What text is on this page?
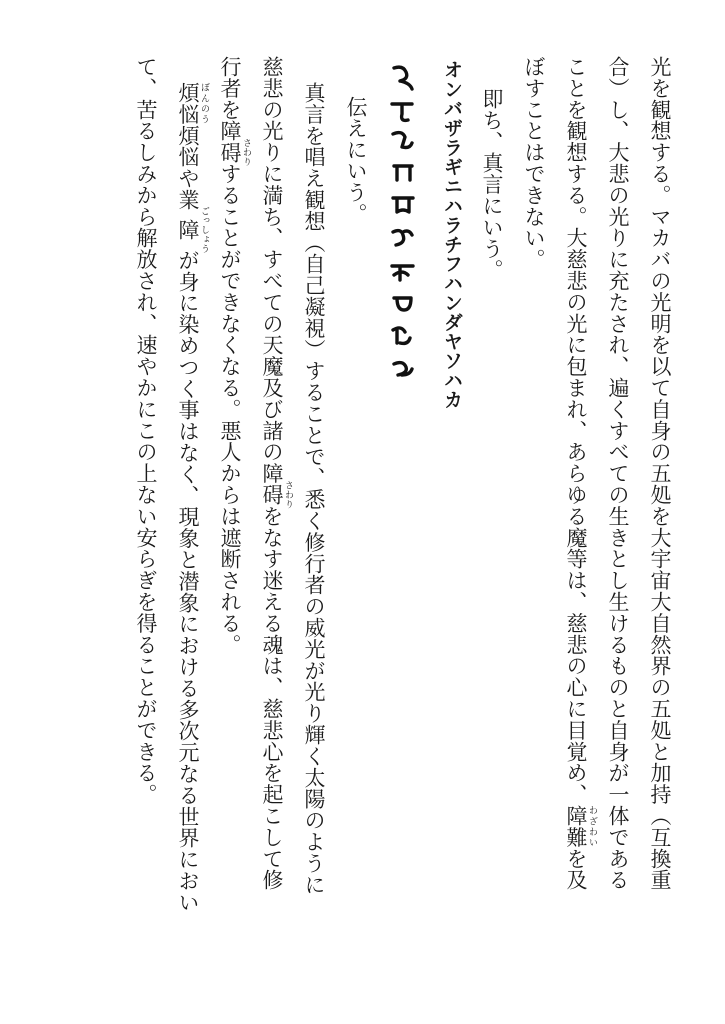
光を観想する。マカバの光明を以て自身の五処を大宇宙大自然界の五処と加持（互換重
合）し、大悲の光りに充たされ、遍くすべての生きとし生けるものと自身が一体である
ことを観想する。大慈悲の光に包まれ、あらゆる魔等は、慈悲の心に目覚め、障難 わざわいを及
ぼすことはできない。
即ち、真言にいう。
オンバザラギニハラチフハンダヤソハカ
伝えにいう。
真言を唱え観想（自己凝視）することで、悉く修行者の威光が光り輝く太陽のように
慈悲の光りに満ち、すべての天魔及び諸の障碍 さわりをなす迷える魂は、慈悲心を起こして修
行者を障碍 さわりすることができなくなる。悪人からは遮断される。
煩悩 ぼんのう煩悩や業障 ごっしょうが身に染めつく事はなく、現象と潜象における多次元なる世界におい
て、苦るしみから解放され、速やかにこの上ない安らぎを得ることができる。
